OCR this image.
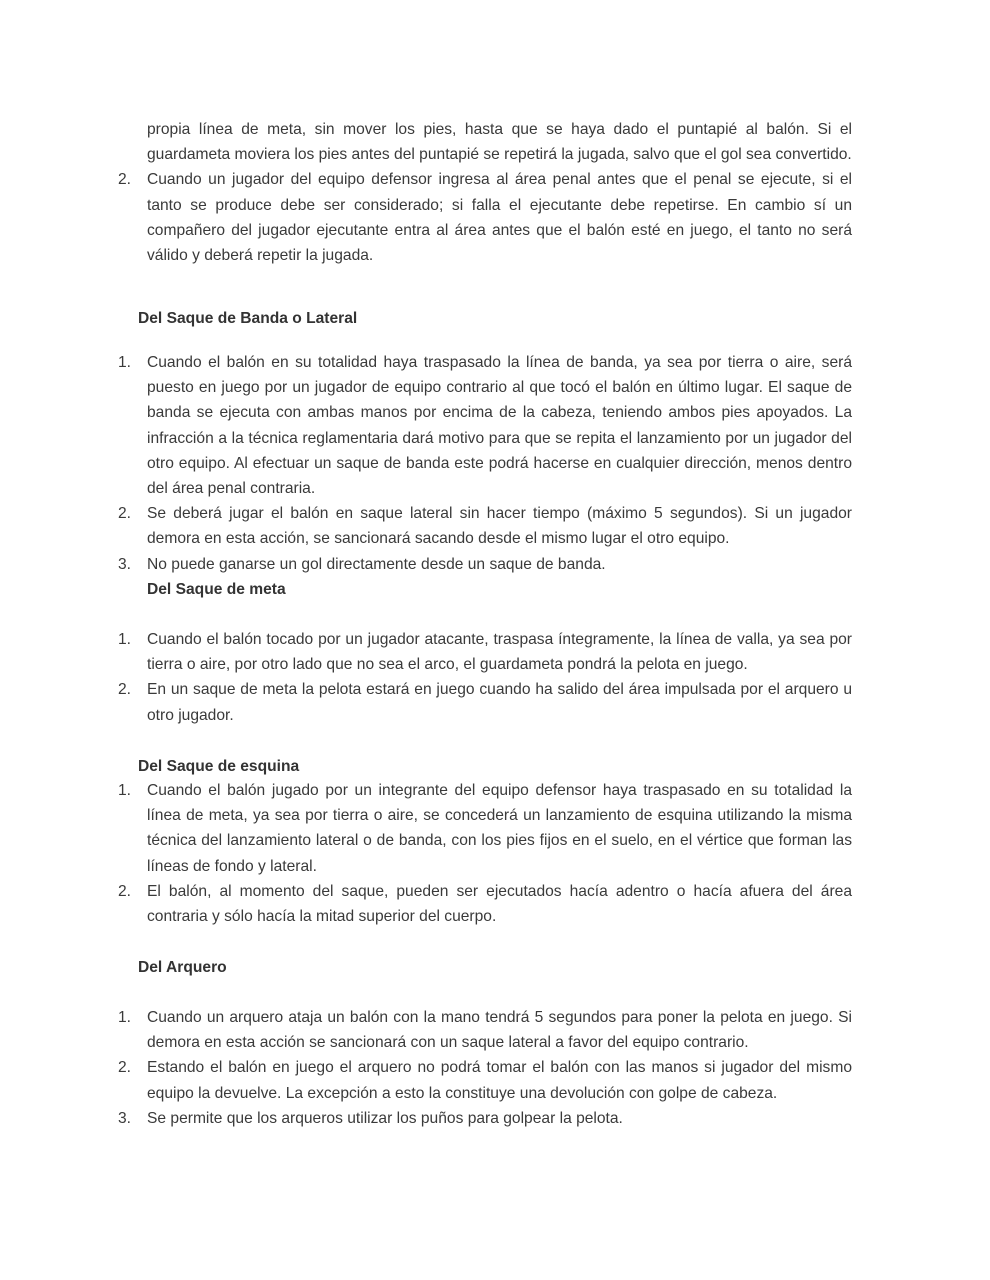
propia línea de meta, sin mover los pies, hasta que se haya dado el puntapié al balón. Si el guardameta moviera los pies antes del puntapié se repetirá la jugada, salvo que el gol sea convertido.
2. Cuando un jugador del equipo defensor ingresa al área penal antes que el penal se ejecute, si el tanto se produce debe ser considerado; si falla el ejecutante debe repetirse. En cambio sí un compañero del jugador ejecutante entra al área antes que el balón esté en juego, el tanto no será válido y deberá repetir la jugada.
Del Saque de Banda o Lateral
1. Cuando el balón en su totalidad haya traspasado la línea de banda, ya sea por tierra o aire, será puesto en juego por un jugador de equipo contrario al que tocó el balón en último lugar. El saque de banda se ejecuta con ambas manos por encima de la cabeza, teniendo ambos pies apoyados. La infracción a la técnica reglamentaria dará motivo para que se repita el lanzamiento por un jugador del otro equipo. Al efectuar un saque de banda este podrá hacerse en cualquier dirección, menos dentro del área penal contraria.
2. Se deberá jugar el balón en saque lateral sin hacer tiempo (máximo 5 segundos). Si un jugador demora en esta acción, se sancionará sacando desde el mismo lugar el otro equipo.
3. No puede ganarse un gol directamente desde un saque de banda.
Del Saque de meta
1. Cuando el balón tocado por un jugador atacante, traspasa íntegramente, la línea de valla, ya sea por tierra o aire, por otro lado que no sea el arco, el guardameta pondrá la pelota en juego.
2. En un saque de meta la pelota estará en juego cuando ha salido del área impulsada por el arquero u otro jugador.
Del Saque de esquina
1. Cuando el balón jugado por un integrante del equipo defensor haya traspasado en su totalidad la línea de meta, ya sea por tierra o aire, se concederá un lanzamiento de esquina utilizando la misma técnica del lanzamiento lateral o de banda, con los pies fijos en el suelo, en el vértice que forman las líneas de fondo y lateral.
2. El balón, al momento del saque, pueden ser ejecutados hacía adentro o hacía afuera del área contraria y sólo hacía la mitad superior del cuerpo.
Del Arquero
1. Cuando un arquero ataja un balón con la mano tendrá 5 segundos para poner la pelota en juego. Si demora en esta acción se sancionará con un saque lateral a favor del equipo contrario.
2. Estando el balón en juego el arquero no podrá tomar el balón con las manos si jugador del mismo equipo la devuelve. La excepción a esto la constituye una devolución con golpe de cabeza.
3. Se permite que los arqueros utilizar los puños para golpear la pelota.
